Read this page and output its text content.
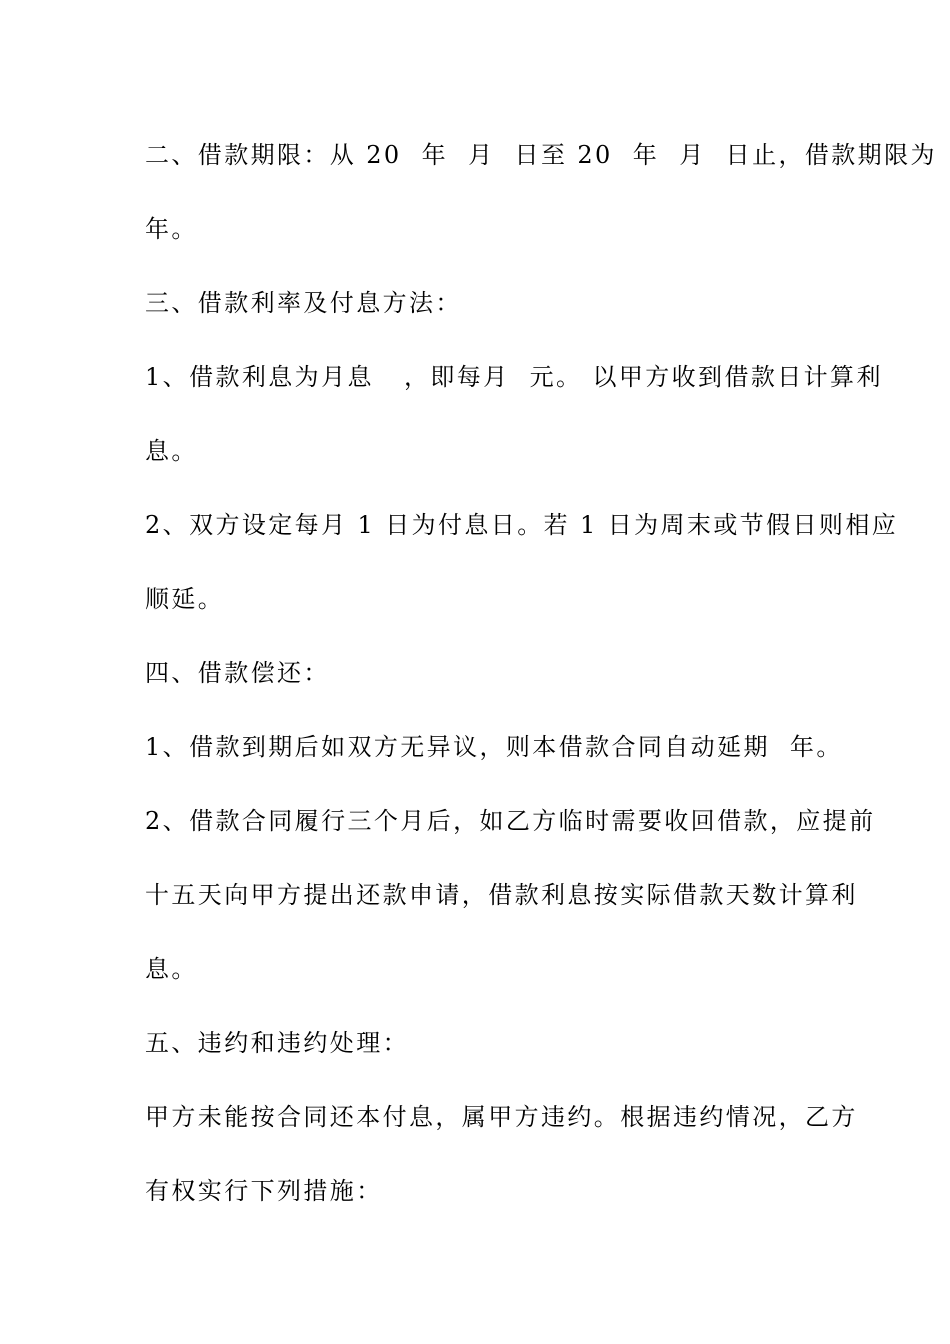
二、借款期限：从 20  年  月  日至 20  年  月  日止，借款期限为
年。
三、借款利率及付息方法：
1、借款利息为月息   ，即每月  元。 以甲方收到借款日计算利
息。
2、双方设定每月 1 日为付息日。若 1 日为周末或节假日则相应
顺延。
四、借款偿还：
1、借款到期后如双方无异议，则本借款合同自动延期  年。
2、借款合同履行三个月后，如乙方临时需要收回借款，应提前
十五天向甲方提出还款申请，借款利息按实际借款天数计算利
息。
五、违约和违约处理：
甲方未能按合同还本付息，属甲方违约。根据违约情况，乙方
有权实行下列措施：
